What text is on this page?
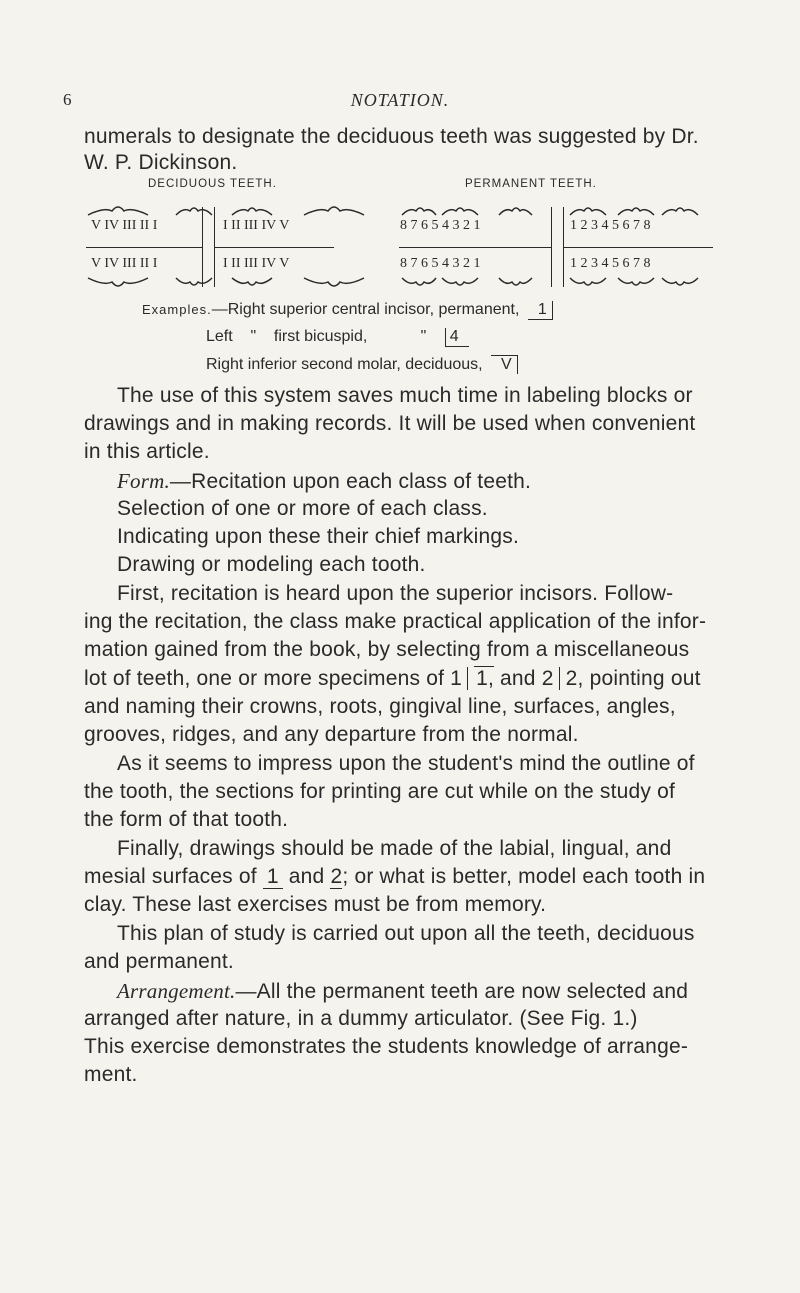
6	NOTATION.
numerals to designate the deciduous teeth was suggested by Dr.
W. P. Dickinson.
DECIDUOUS TEETH.	PERMANENT TEETH.
V IV III II I	I II III IV V	8 7 6 5 4 3 2 1	1 2 3 4 5 6 7 8
V IV III II I	I II III IV V	8 7 6 5 4 3 2 1	1 2 3 4 5 6 7 8
Examples.—Right superior central incisor, permanent, 1
Left    "    first bicuspid,            " 4
Right inferior second molar, deciduous, V
The use of this system saves much time in labeling blocks or
drawings and in making records. It will be used when convenient
in this article.
Form.—Recitation upon each class of teeth.
Selection of one or more of each class.
Indicating upon these their chief markings.
Drawing or modeling each tooth.
First, recitation is heard upon the superior incisors. Follow-
ing the recitation, the class make practical application of the infor-
mation gained from the book, by selecting from a miscellaneous
lot of teeth, one or more specimens of 1 1, and 2 2, pointing out
and naming their crowns, roots, gingival line, surfaces, angles,
grooves, ridges, and any departure from the normal.
As it seems to impress upon the student's mind the outline of
the tooth, the sections for printing are cut while on the study of
the form of that tooth.
Finally, drawings should be made of the labial, lingual, and
mesial surfaces of 1 and 2; or what is better, model each tooth in
clay. These last exercises must be from memory.
This plan of study is carried out upon all the teeth, deciduous
and permanent.
Arrangement.—All the permanent teeth are now selected and
arranged after nature, in a dummy articulator. (See Fig. 1.)
This exercise demonstrates the students knowledge of arrange-
ment.
